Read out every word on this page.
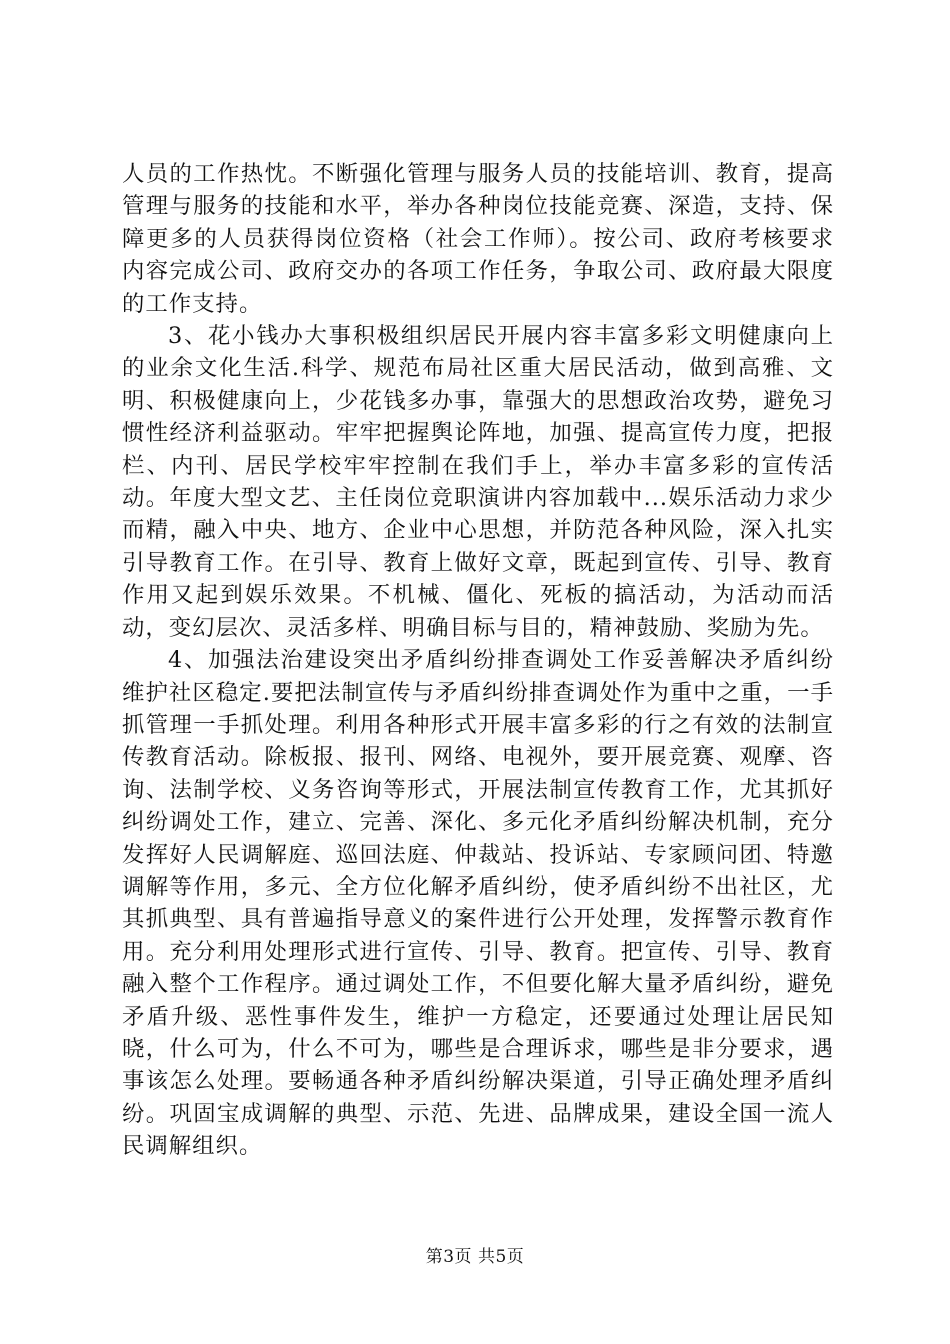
人员的工作热忱。不断强化管理与服务人员的技能培训、教育，提高管理与服务的技能和水平，举办各种岗位技能竞赛、深造，支持、保障更多的人员获得岗位资格（社会工作师）。按公司、政府考核要求内容完成公司、政府交办的各项工作任务，争取公司、政府最大限度的工作支持。

3、花小钱办大事积极组织居民开展内容丰富多彩文明健康向上的业余文化生活.科学、规范布局社区重大居民活动，做到高雅、文明、积极健康向上，少花钱多办事，靠强大的思想政治攻势，避免习惯性经济利益驱动。牢牢把握舆论阵地，加强、提高宣传力度，把报栏、内刊、居民学校牢牢控制在我们手上，举办丰富多彩的宣传活动。年度大型文艺、主任岗位竞职演讲内容加载中...娱乐活动力求少而精，融入中央、地方、企业中心思想，并防范各种风险，深入扎实引导教育工作。在引导、教育上做好文章，既起到宣传、引导、教育作用又起到娱乐效果。不机械、僵化、死板的搞活动，为活动而活动，变幻层次、灵活多样、明确目标与目的，精神鼓励、奖励为先。

4、加强法治建设突出矛盾纠纷排查调处工作妥善解决矛盾纠纷维护社区稳定.要把法制宣传与矛盾纠纷排查调处作为重中之重，一手抓管理一手抓处理。利用各种形式开展丰富多彩的行之有效的法制宣传教育活动。除板报、报刊、网络、电视外，要开展竞赛、观摩、咨询、法制学校、义务咨询等形式，开展法制宣传教育工作，尤其抓好纠纷调处工作，建立、完善、深化、多元化矛盾纠纷解决机制，充分发挥好人民调解庭、巡回法庭、仲裁站、投诉站、专家顾问团、特邀调解等作用，多元、全方位化解矛盾纠纷，使矛盾纠纷不出社区，尤其抓典型、具有普遍指导意义的案件进行公开处理，发挥警示教育作用。充分利用处理形式进行宣传、引导、教育。把宣传、引导、教育融入整个工作程序。通过调处工作，不但要化解大量矛盾纠纷，避免矛盾升级、恶性事件发生，维护一方稳定，还要通过处理让居民知晓，什么可为，什么不可为，哪些是合理诉求，哪些是非分要求，遇事该怎么处理。要畅通各种矛盾纠纷解决渠道，引导正确处理矛盾纠纷。巩固宝成调解的典型、示范、先进、品牌成果，建设全国一流人民调解组织。

第3页 共5页
